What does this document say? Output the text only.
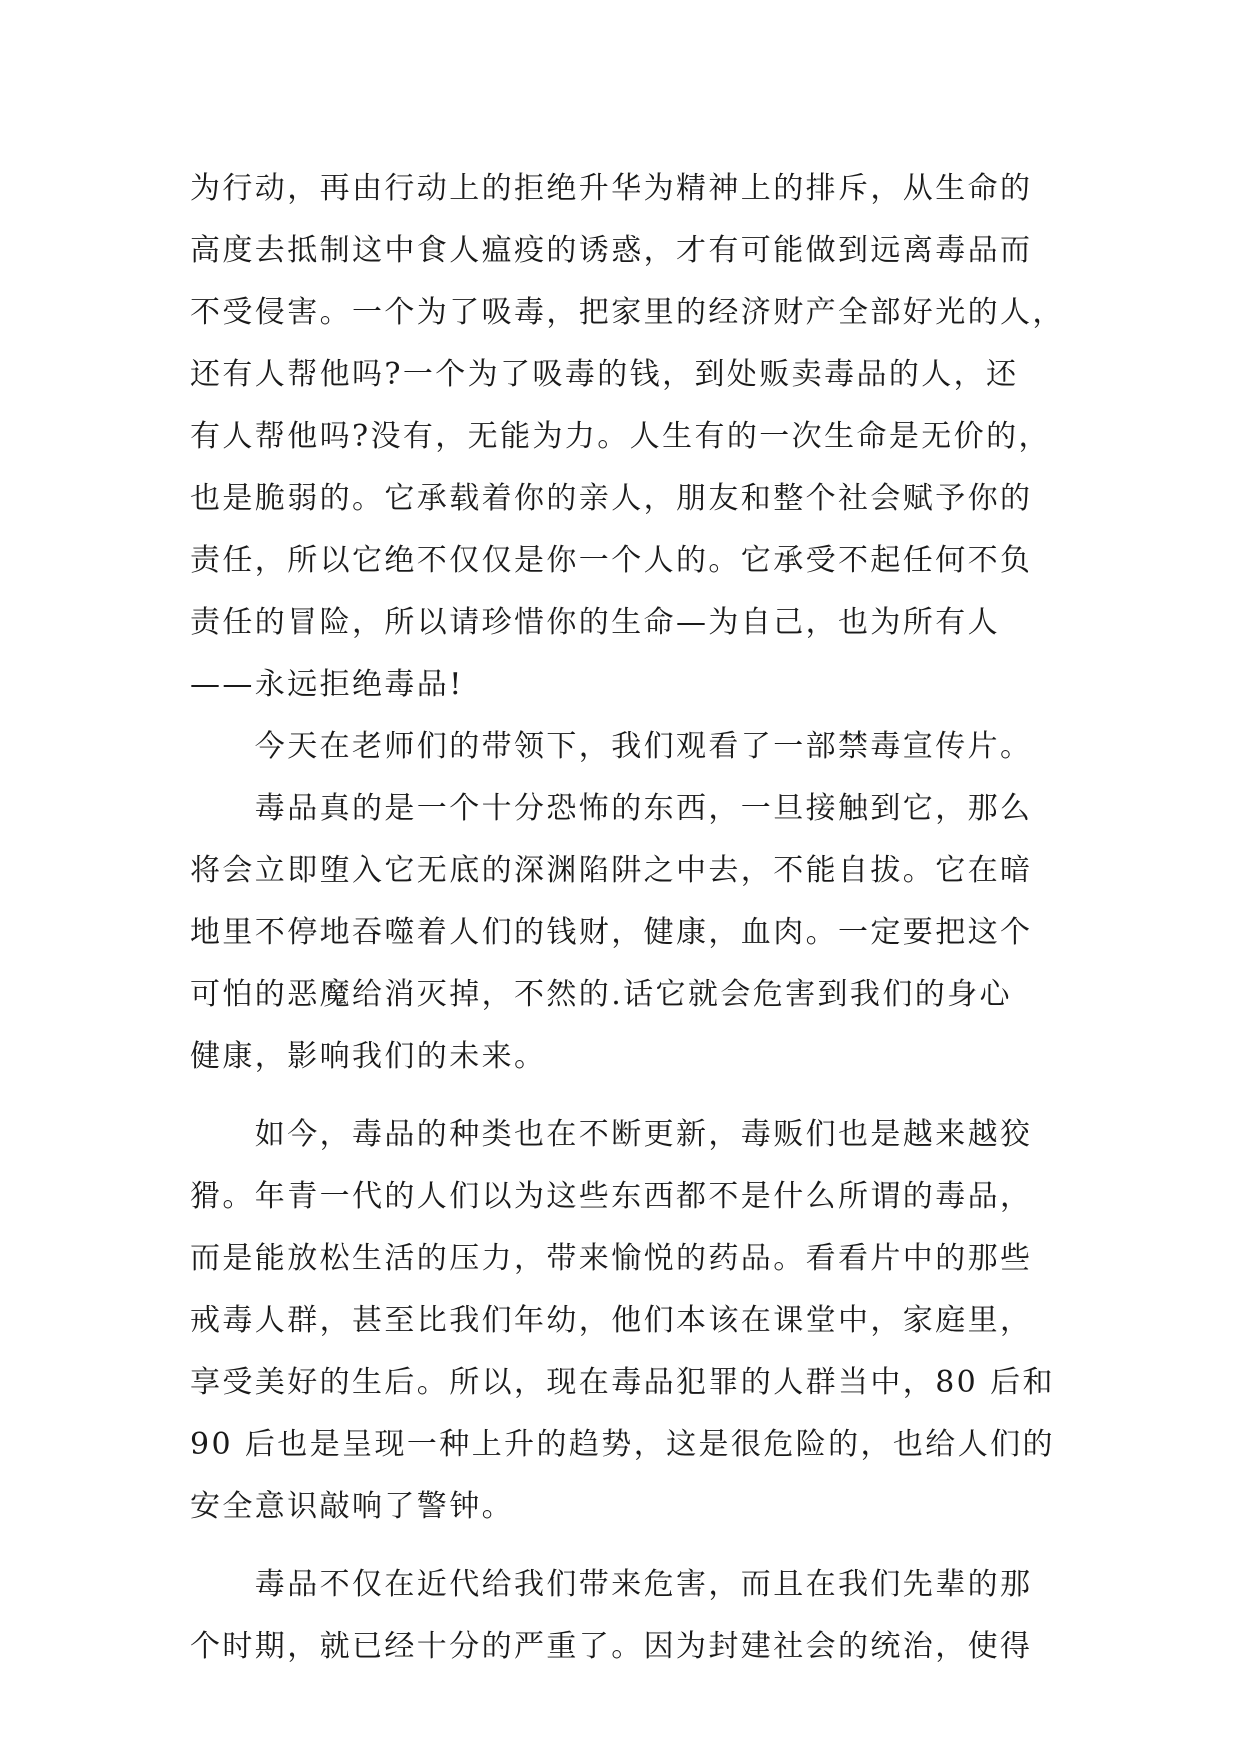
为行动，再由行动上的拒绝升华为精神上的排斥，从生命的
高度去抵制这中食人瘟疫的诱惑，才有可能做到远离毒品而
不受侵害。一个为了吸毒，把家里的经济财产全部好光的人，
还有人帮他吗?一个为了吸毒的钱，到处贩卖毒品的人，还
有人帮他吗?没有，无能为力。人生有的一次生命是无价的，
也是脆弱的。它承载着你的亲人，朋友和整个社会赋予你的
责任，所以它绝不仅仅是你一个人的。它承受不起任何不负
责任的冒险，所以请珍惜你的生命—为自己，也为所有人
——永远拒绝毒品!
　　今天在老师们的带领下，我们观看了一部禁毒宣传片。
　　毒品真的是一个十分恐怖的东西，一旦接触到它，那么
将会立即堕入它无底的深渊陷阱之中去，不能自拔。它在暗
地里不停地吞噬着人们的钱财，健康，血肉。一定要把这个
可怕的恶魔给消灭掉，不然的.话它就会危害到我们的身心
健康，影响我们的未来。
　　如今，毒品的种类也在不断更新，毒贩们也是越来越狡
猾。年青一代的人们以为这些东西都不是什么所谓的毒品，
而是能放松生活的压力，带来愉悦的药品。看看片中的那些
戒毒人群，甚至比我们年幼，他们本该在课堂中，家庭里，
享受美好的生后。所以，现在毒品犯罪的人群当中，80 后和
90 后也是呈现一种上升的趋势，这是很危险的，也给人们的
安全意识敲响了警钟。
　　毒品不仅在近代给我们带来危害，而且在我们先辈的那
个时期，就已经十分的严重了。因为封建社会的统治，使得
